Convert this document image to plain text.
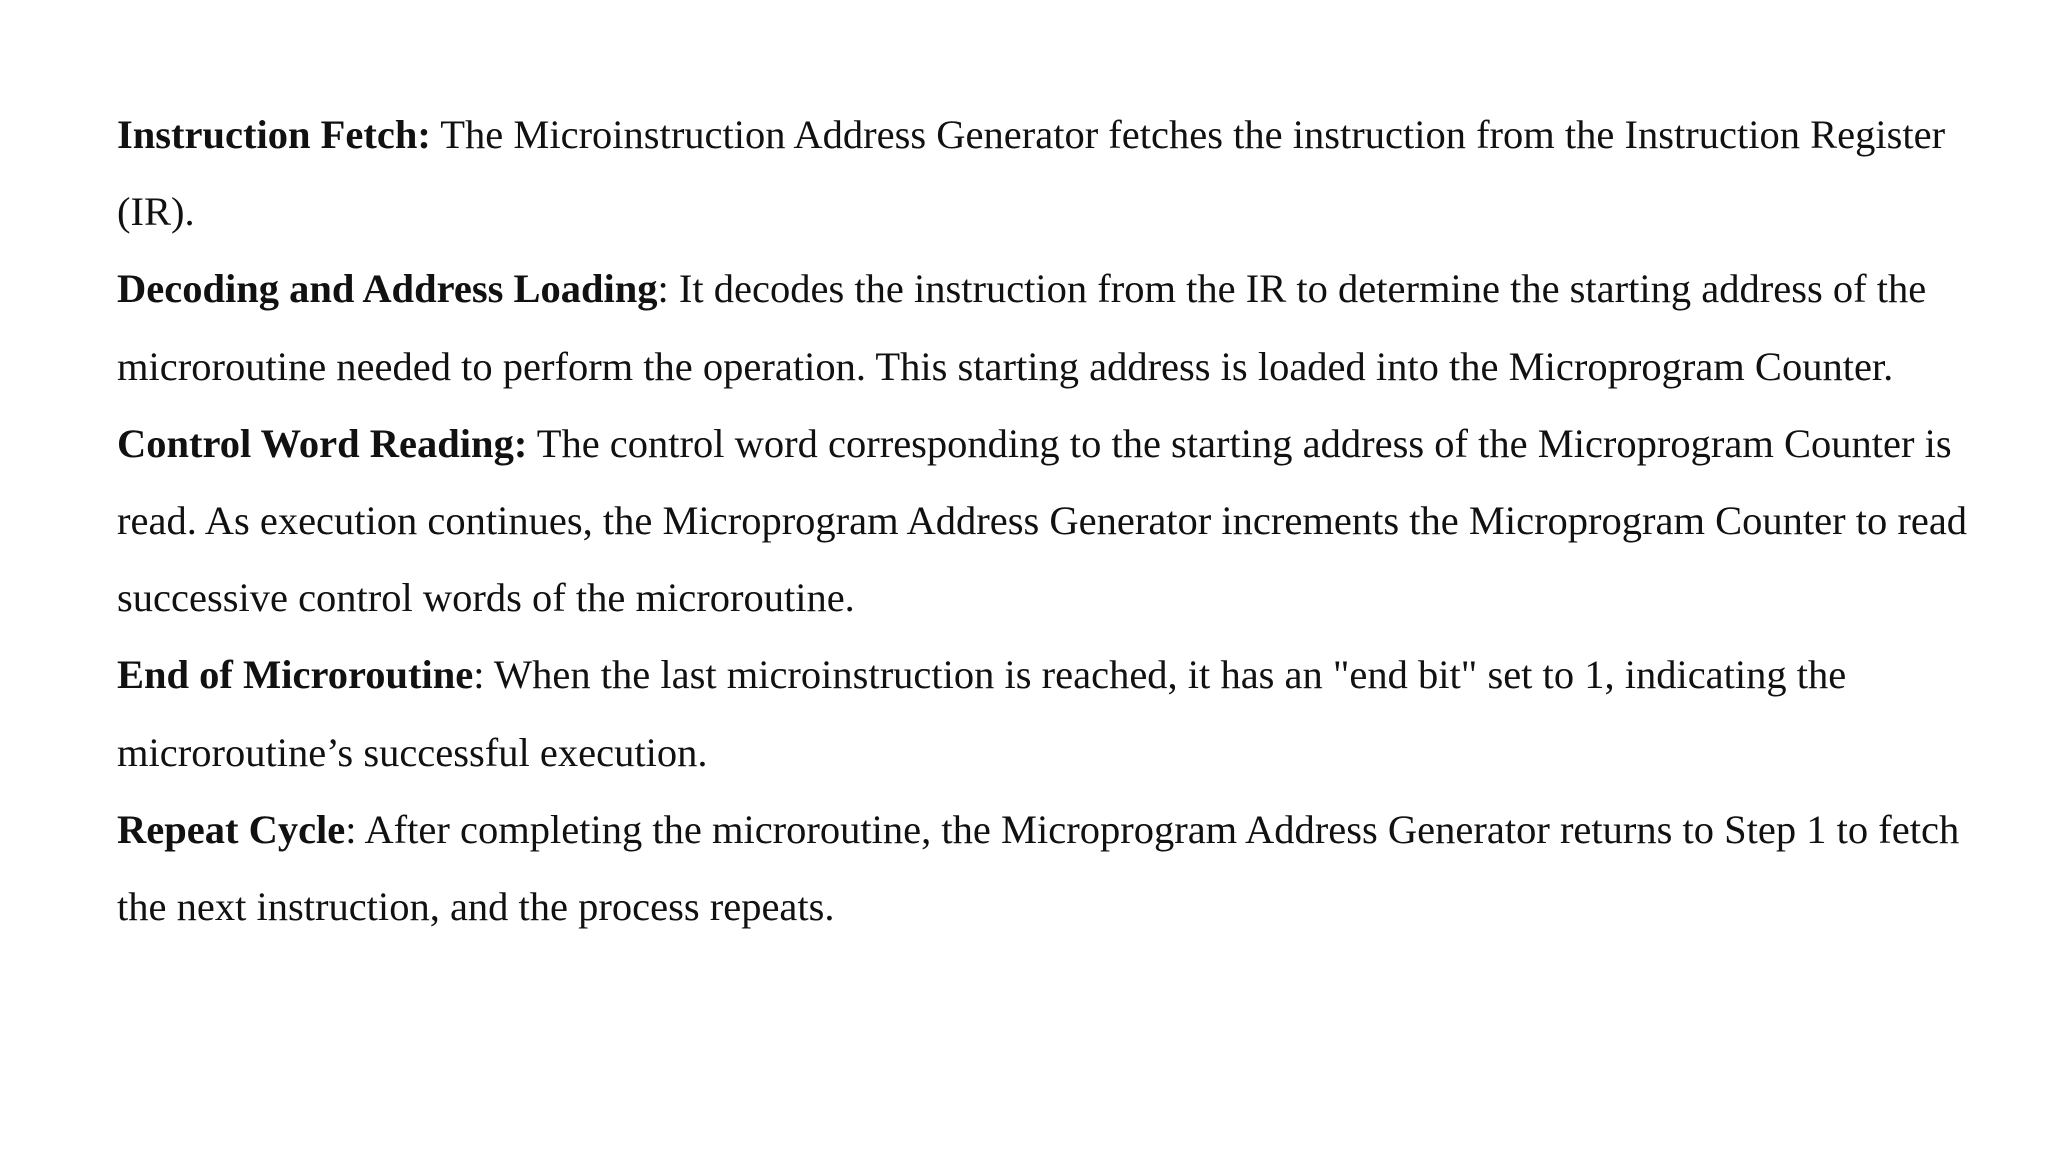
Instruction Fetch: The Microinstruction Address Generator fetches the instruction from the Instruction Register (IR).

Decoding and Address Loading: It decodes the instruction from the IR to determine the starting address of the microroutine needed to perform the operation. This starting address is loaded into the Microprogram Counter.

Control Word Reading: The control word corresponding to the starting address of the Microprogram Counter is read. As execution continues, the Microprogram Address Generator increments the Microprogram Counter to read successive control words of the microroutine.

End of Microroutine: When the last microinstruction is reached, it has an "end bit" set to 1, indicating the microroutine’s successful execution.

Repeat Cycle: After completing the microroutine, the Microprogram Address Generator returns to Step 1 to fetch the next instruction, and the process repeats.
